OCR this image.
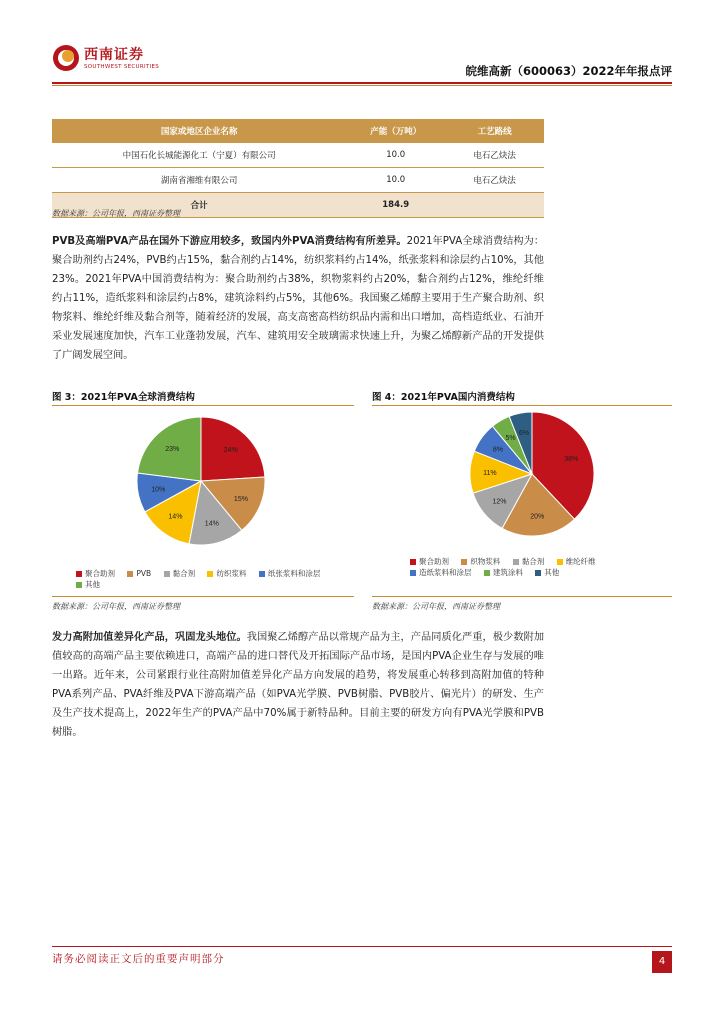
西南证券
SOUTHWEST SECURITIES	皖维高新（600063）2022年年报点评
国家或地区企业名称	产能（万吨）	工艺路线
中国石化长城能源化工（宁夏）有限公司	10.0	电石乙炔法
湖南省湘维有限公司	10.0	电石乙炔法
合计	184.9	
数据来源：公司年报，西南证券整理
PVB及高端PVA产品在国外下游应用较多，致国内外PVA消费结构有所差异。2021年PVA全球消费结构为：聚合助剂约占24%，PVB约占15%，黏合剂约占14%，纺织浆料约占14%，纸张浆料和涂层约占10%，其他23%。2021年PVA中国消费结构为：聚合助剂约占38%，织物浆料约占20%，黏合剂约占12%，维纶纤维约占11%，造纸浆料和涂层约占8%，建筑涂料约占5%，其他6%。我国聚乙烯醇主要用于生产聚合助剂、织物浆料、维纶纤维及黏合剂等，随着经济的发展，高支高密高档纺织品内需和出口增加，高档造纸业、石油开采业发展速度加快，汽车工业蓬勃发展，汽车、建筑用安全玻璃需求快速上升，为聚乙烯醇新产品的开发提供了广阔发展空间。
图 3：2021年PVA全球消费结构
24%
15%
14%
14%
10%
23%
聚合助剂
	PVB
	黏合剂
	纺织浆料
	纸张浆料和涂层

其他
数据来源：公司年报，西南证券整理
图 4：2021年PVA国内消费结构
38%
20%
12%
11%
8%
5%
6%
聚合助剂
	织物浆料
	黏合剂
	维纶纤维

造纸浆料和涂层
	建筑涂料
	其他
数据来源：公司年报，西南证券整理
发力高附加值差异化产品，巩固龙头地位。我国聚乙烯醇产品以常规产品为主，产品同质化严重，极少数附加值较高的高端产品主要依赖进口，高端产品的进口替代及开拓国际产品市场，是国内PVA企业生存与发展的唯一出路。近年来，公司紧跟行业往高附加值差异化产品方向发展的趋势，将发展重心转移到高附加值的特种PVA系列产品、PVA纤维及PVA下游高端产品（如PVA光学膜、PVB树脂、PVB胶片、偏光片）的研发、生产及生产技术提高上，2022年生产的PVA产品中70%属于新特品种。目前主要的研发方向有PVA光学膜和PVB树脂。
请务必阅读正文后的重要声明部分	4
